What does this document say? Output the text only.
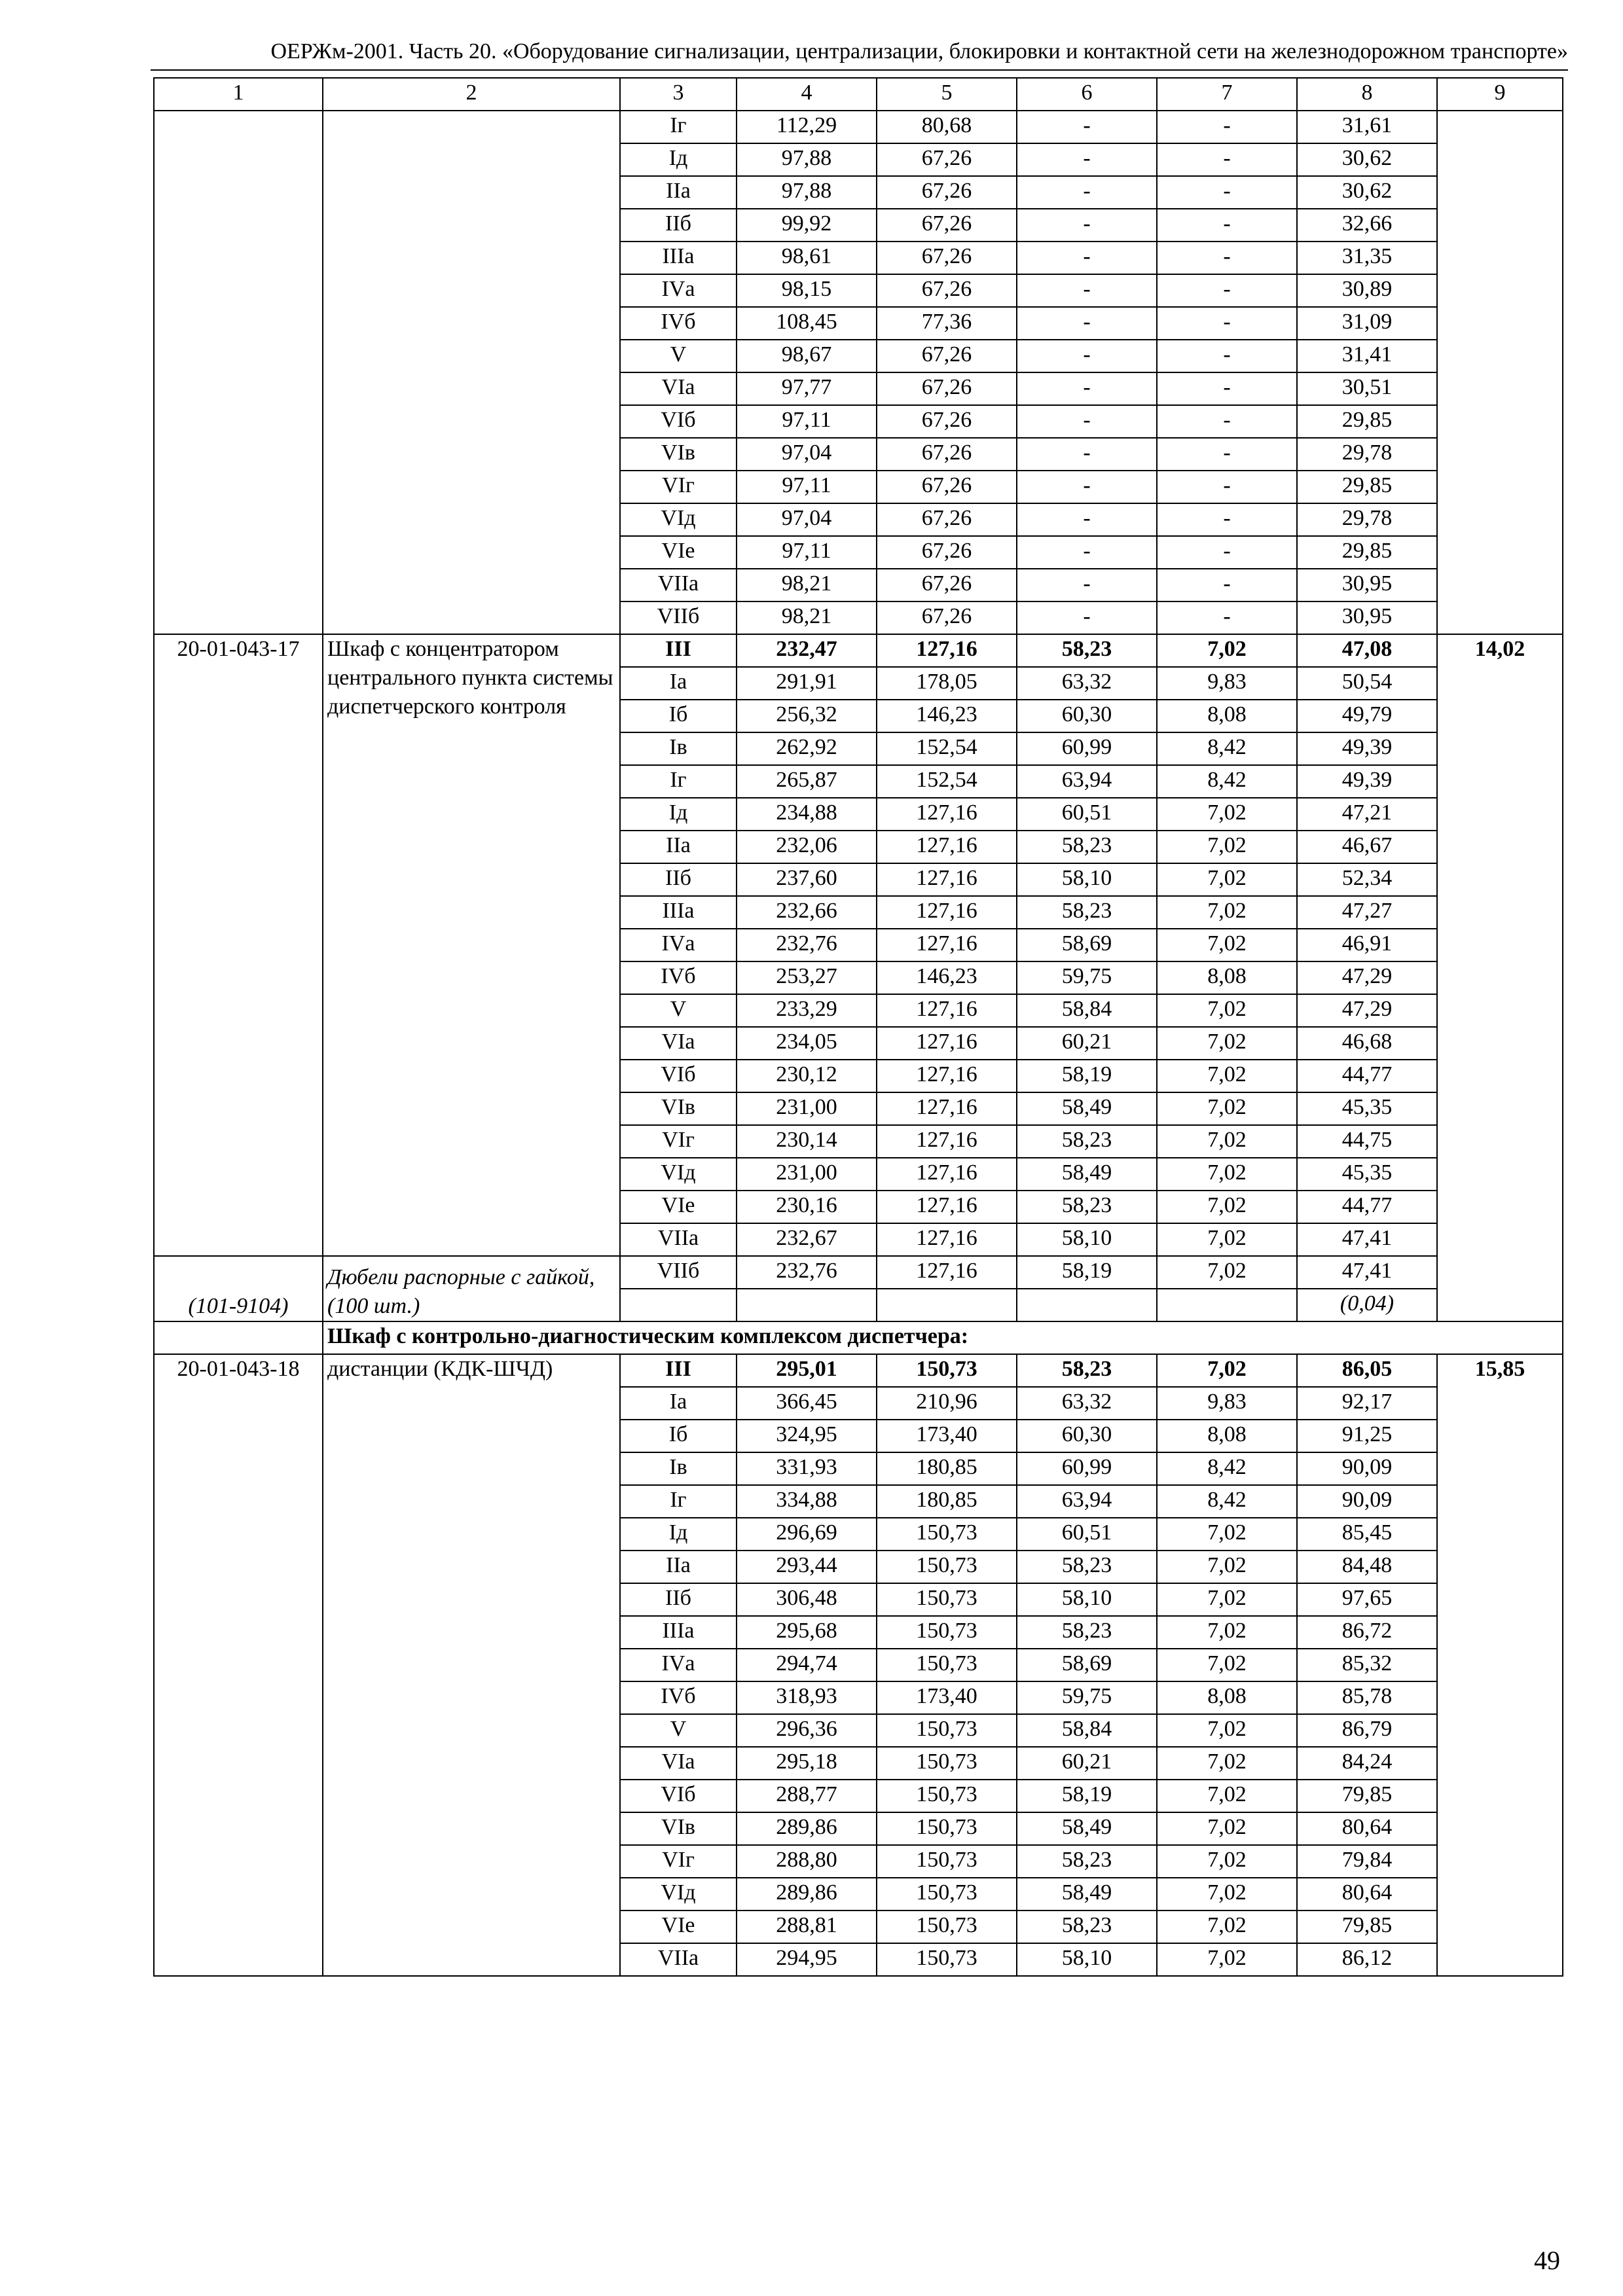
ОЕРЖм-2001. Часть 20. «Оборудование сигнализации, централизации, блокировки и контактной сети на железнодорожном транспорте»
1	2	3	4	5	6	7	8	9
		Iг	112,29	80,68	-	-	31,61	
		Iд	97,88	67,26	-	-	30,62	
		IIа	97,88	67,26	-	-	30,62	
		IIб	99,92	67,26	-	-	32,66	
		IIIа	98,61	67,26	-	-	31,35	
		IVа	98,15	67,26	-	-	30,89	
		IVб	108,45	77,36	-	-	31,09	
		V	98,67	67,26	-	-	31,41	
		VIа	97,77	67,26	-	-	30,51	
		VIб	97,11	67,26	-	-	29,85	
		VIв	97,04	67,26	-	-	29,78	
		VIг	97,11	67,26	-	-	29,85	
		VIд	97,04	67,26	-	-	29,78	
		VIе	97,11	67,26	-	-	29,85	
		VIIа	98,21	67,26	-	-	30,95	
		VIIб	98,21	67,26	-	-	30,95	
20-01-043-17	Шкаф с концентратором центрального пункта системы диспетчерского контроля	III	232,47	127,16	58,23	7,02	47,08	14,02
		Iа	291,91	178,05	63,32	9,83	50,54	
		Iб	256,32	146,23	60,30	8,08	49,79	
		Iв	262,92	152,54	60,99	8,42	49,39	
		Iг	265,87	152,54	63,94	8,42	49,39	
		Iд	234,88	127,16	60,51	7,02	47,21	
		IIа	232,06	127,16	58,23	7,02	46,67	
		IIб	237,60	127,16	58,10	7,02	52,34	
		IIIа	232,66	127,16	58,23	7,02	47,27	
		IVа	232,76	127,16	58,69	7,02	46,91	
		IVб	253,27	146,23	59,75	8,08	47,29	
		V	233,29	127,16	58,84	7,02	47,29	
		VIа	234,05	127,16	60,21	7,02	46,68	
		VIб	230,12	127,16	58,19	7,02	44,77	
		VIв	231,00	127,16	58,49	7,02	45,35	
		VIг	230,14	127,16	58,23	7,02	44,75	
		VIд	231,00	127,16	58,49	7,02	45,35	
		VIе	230,16	127,16	58,23	7,02	44,77	
		VIIа	232,67	127,16	58,10	7,02	47,41	
(101-9104)	Дюбели распорные с гайкой, (100 шт.)	VIIб	232,76	127,16	58,19	7,02	47,41	
							(0,04)	
	Шкаф с контрольно-диагностическим комплексом диспетчера:							
20-01-043-18	дистанции (КДК-ШЧД)	III	295,01	150,73	58,23	7,02	86,05	15,85
		Iа	366,45	210,96	63,32	9,83	92,17	
		Iб	324,95	173,40	60,30	8,08	91,25	
		Iв	331,93	180,85	60,99	8,42	90,09	
		Iг	334,88	180,85	63,94	8,42	90,09	
		Iд	296,69	150,73	60,51	7,02	85,45	
		IIа	293,44	150,73	58,23	7,02	84,48	
		IIб	306,48	150,73	58,10	7,02	97,65	
		IIIа	295,68	150,73	58,23	7,02	86,72	
		IVа	294,74	150,73	58,69	7,02	85,32	
		IVб	318,93	173,40	59,75	8,08	85,78	
		V	296,36	150,73	58,84	7,02	86,79	
		VIа	295,18	150,73	60,21	7,02	84,24	
		VIб	288,77	150,73	58,19	7,02	79,85	
		VIв	289,86	150,73	58,49	7,02	80,64	
		VIг	288,80	150,73	58,23	7,02	79,84	
		VIд	289,86	150,73	58,49	7,02	80,64	
		VIе	288,81	150,73	58,23	7,02	79,85	
		VIIа	294,95	150,73	58,10	7,02	86,12	
49
